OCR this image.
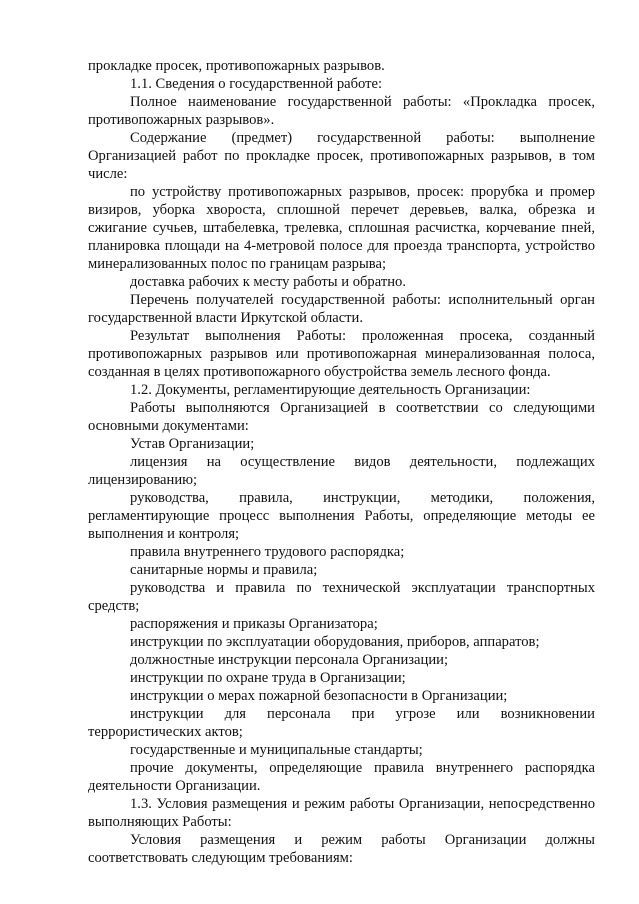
прокладке просек, противопожарных разрывов.

1.1. Сведения о государственной работе:

Полное наименование государственной работы: «Прокладка просек, противопожарных разрывов».

Содержание (предмет) государственной работы: выполнение Организацией работ по прокладке просек, противопожарных разрывов, в том числе:

по устройству противопожарных разрывов, просек: прорубка и промер визиров, уборка хвороста, сплошной перечет деревьев, валка, обрезка и сжигание сучьев, штабелевка, трелевка, сплошная расчистка, корчевание пней, планировка площади на 4-метровой полосе для проезда транспорта, устройство минерализованных полос по границам разрыва;

доставка рабочих к месту работы и обратно.

Перечень получателей государственной работы: исполнительный орган государственной власти Иркутской области.

Результат выполнения Работы: проложенная просека, созданный противопожарных разрывов или противопожарная минерализованная полоса, созданная в целях противопожарного обустройства земель лесного фонда.

1.2. Документы, регламентирующие деятельность Организации:

Работы выполняются Организацией в соответствии со следующими основными документами:

Устав Организации;

лицензия на осуществление видов деятельности, подлежащих лицензированию;

руководства, правила, инструкции, методики, положения, регламентирующие процесс выполнения Работы, определяющие методы ее выполнения и контроля;

правила внутреннего трудового распорядка;

санитарные нормы и правила;

руководства и правила по технической эксплуатации транспортных средств;

распоряжения и приказы Организатора;

инструкции по эксплуатации оборудования, приборов, аппаратов;

должностные инструкции персонала Организации;

инструкции по охране труда в Организации;

инструкции о мерах пожарной безопасности в Организации;

инструкции для персонала при угрозе или возникновении террористических актов;

государственные и муниципальные стандарты;

прочие документы, определяющие правила внутреннего распорядка деятельности Организации.

1.3. Условия размещения и режим работы Организации, непосредственно выполняющих Работы:

Условия размещения и режим работы Организации должны соответствовать следующим требованиям:
